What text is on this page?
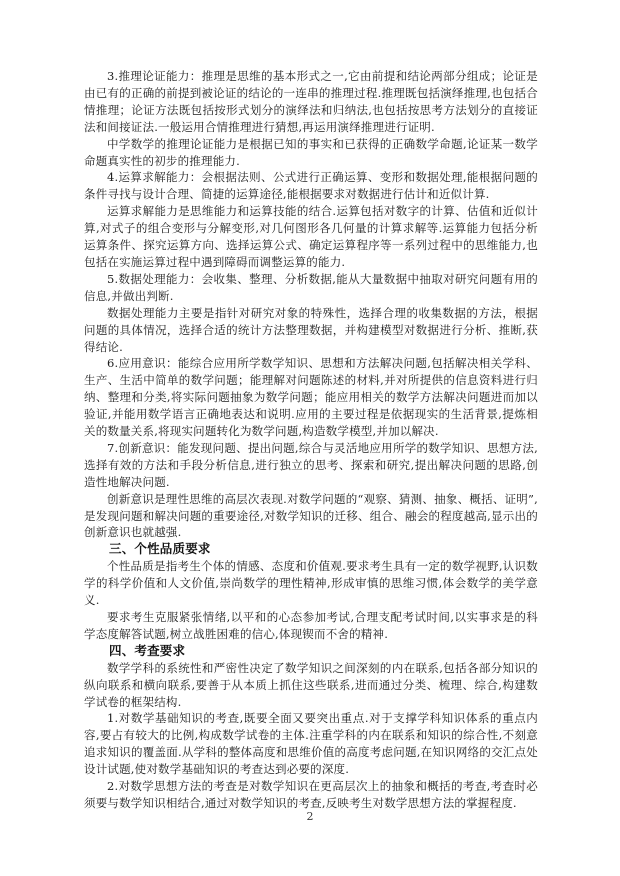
3.推理论证能力：推理是思维的基本形式之一,它由前提和结论两部分组成；论证是由已有的正确的前提到被论证的结论的一连串的推理过程.推理既包括演绎推理,也包括合情推理；论证方法既包括按形式划分的演绎法和归纳法,也包括按思考方法划分的直接证法和间接证法.一般运用合情推理进行猜想,再运用演绎推理进行证明.
中学数学的推理论证能力是根据已知的事实和已获得的正确数学命题,论证某一数学命题真实性的初步的推理能力.
4.运算求解能力：会根据法则、公式进行正确运算、变形和数据处理,能根据问题的条件寻找与设计合理、简捷的运算途径,能根据要求对数据进行估计和近似计算.
运算求解能力是思维能力和运算技能的结合.运算包括对数字的计算、估值和近似计算,对式子的组合变形与分解变形,对几何图形各几何量的计算求解等.运算能力包括分析运算条件、探究运算方向、选择运算公式、确定运算程序等一系列过程中的思维能力,也包括在实施运算过程中遇到障碍而调整运算的能力.
5.数据处理能力：会收集、整理、分析数据,能从大量数据中抽取对研究问题有用的信息,并做出判断.
数据处理能力主要是指针对研究对象的特殊性，选择合理的收集数据的方法，根据问题的具体情况，选择合适的统计方法整理数据，并构建模型对数据进行分析、推断,获得结论.
6.应用意识：能综合应用所学数学知识、思想和方法解决问题,包括解决相关学科、生产、生活中简单的数学问题；能理解对问题陈述的材料,并对所提供的信息资料进行归纳、整理和分类,将实际问题抽象为数学问题；能应用相关的数学方法解决问题进而加以验证,并能用数学语言正确地表达和说明.应用的主要过程是依据现实的生活背景,提炼相关的数量关系,将现实问题转化为数学问题,构造数学模型,并加以解决.
7.创新意识：能发现问题、提出问题,综合与灵活地应用所学的数学知识、思想方法,选择有效的方法和手段分析信息,进行独立的思考、探索和研究,提出解决问题的思路,创造性地解决问题.
创新意识是理性思维的高层次表现.对数学问题的“观察、猜测、抽象、概括、证明”,是发现问题和解决问题的重要途径,对数学知识的迁移、组合、融会的程度越高,显示出的创新意识也就越强.
三、个性品质要求
个性品质是指考生个体的情感、态度和价值观.要求考生具有一定的数学视野,认识数学的科学价值和人文价值,崇尚数学的理性精神,形成审慎的思维习惯,体会数学的美学意义.
要求考生克服紧张情绪,以平和的心态参加考试,合理支配考试时间,以实事求是的科学态度解答试题,树立战胜困难的信心,体现锲而不舍的精神.
四、考查要求
数学学科的系统性和严密性决定了数学知识之间深刻的内在联系,包括各部分知识的纵向联系和横向联系,要善于从本质上抓住这些联系,进而通过分类、梳理、综合,构建数学试卷的框架结构.
1.对数学基础知识的考查,既要全面又要突出重点.对于支撑学科知识体系的重点内容,要占有较大的比例,构成数学试卷的主体.注重学科的内在联系和知识的综合性,不刻意追求知识的覆盖面.从学科的整体高度和思维价值的高度考虑问题,在知识网络的交汇点处设计试题,使对数学基础知识的考查达到必要的深度.
2.对数学思想方法的考查是对数学知识在更高层次上的抽象和概括的考查,考查时必须要与数学知识相结合,通过对数学知识的考查,反映考生对数学思想方法的掌握程度.
2
